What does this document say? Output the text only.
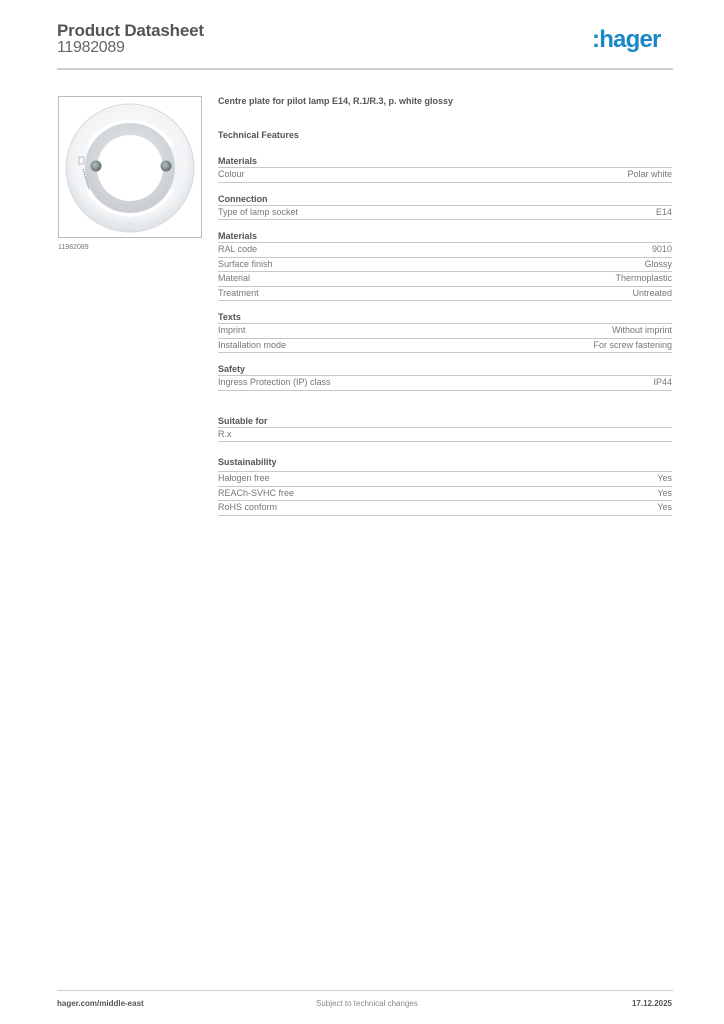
Product Datasheet
11982089	:hager
◊
11982089
Centre plate for pilot lamp E14, R.1/R.3, p. white glossy
Technical Features
Materials
Colour	Polar white
Connection
Type of lamp socket	E14
Materials
RAL code	9010
Surface finish	Glossy
Material	Thermoplastic
Treatment	Untreated
Texts
Imprint	Without imprint
Installation mode	For screw fastening
Safety
Ingress Protection (IP) class	IP44
Suitable for
R.x
Sustainability
Halogen free	Yes
REACh-SVHC free	Yes
RoHS conform	Yes
hager.com/middle-east	Subject to technical changes	17.12.2025
